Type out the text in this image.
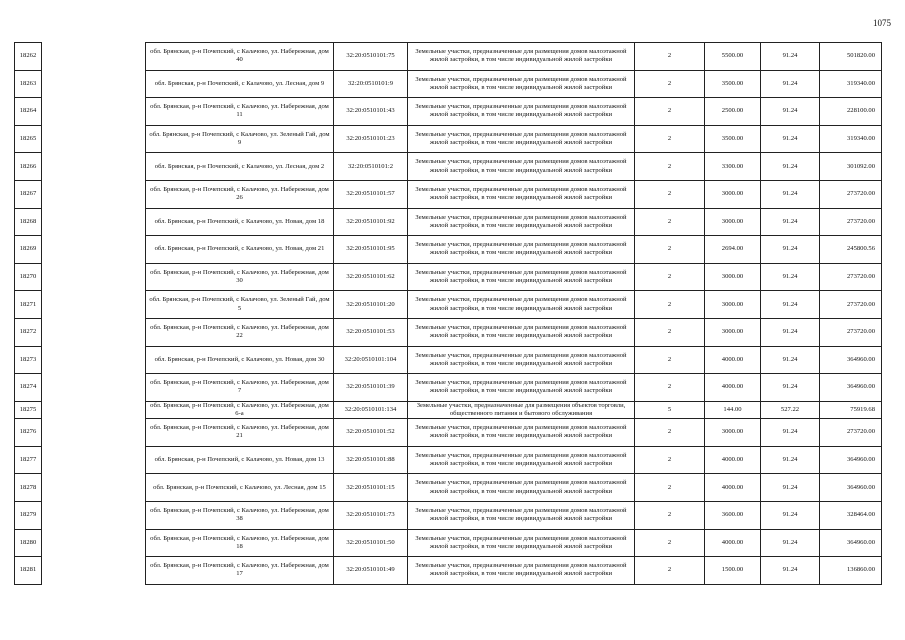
1075
18262		обл. Брянская, р-н Почепский, с Калачово, ул. Набережная, дом 40	32:20:0510101:75	Земельные участки, предназначенные для размещения домов малоэтажной жилой застройки, в том числе индивидуальной жилой застройки	2	5500.00	91.24	501820.00
18263		обл. Брянская, р-н Почепский, с Калачово, ул. Лесная, дом 9	32:20:0510101:9	Земельные участки, предназначенные для размещения домов малоэтажной жилой застройки, в том числе индивидуальной жилой застройки	2	3500.00	91.24	319340.00
18264		обл. Брянская, р-н Почепский, с Калачово, ул. Набережная, дом 11	32:20:0510101:43	Земельные участки, предназначенные для размещения домов малоэтажной жилой застройки, в том числе индивидуальной жилой застройки	2	2500.00	91.24	228100.00
18265		обл. Брянская, р-н Почепский, с Калачово, ул. Зеленый Гай, дом 9	32:20:0510101:23	Земельные участки, предназначенные для размещения домов малоэтажной жилой застройки, в том числе индивидуальной жилой застройки	2	3500.00	91.24	319340.00
18266		обл. Брянская, р-н Почепский, с Калачово, ул. Лесная, дом 2	32:20:0510101:2	Земельные участки, предназначенные для размещения домов малоэтажной жилой застройки, в том числе индивидуальной жилой застройки	2	3300.00	91.24	301092.00
18267		обл. Брянская, р-н Почепский, с Калачово, ул. Набережная, дом 26	32:20:0510101:57	Земельные участки, предназначенные для размещения домов малоэтажной жилой застройки, в том числе индивидуальной жилой застройки	2	3000.00	91.24	273720.00
18268		обл. Брянская, р-н Почепский, с Калачово, ул. Новая, дом 18	32:20:0510101:92	Земельные участки, предназначенные для размещения домов малоэтажной жилой застройки, в том числе индивидуальной жилой застройки	2	3000.00	91.24	273720.00
18269		обл. Брянская, р-н Почепский, с Калачово, ул. Новая, дом 21	32:20:0510101:95	Земельные участки, предназначенные для размещения домов малоэтажной жилой застройки, в том числе индивидуальной жилой застройки	2	2694.00	91.24	245800.56
18270		обл. Брянская, р-н Почепский, с Калачово, ул. Набережная, дом 30	32:20:0510101:62	Земельные участки, предназначенные для размещения домов малоэтажной жилой застройки, в том числе индивидуальной жилой застройки	2	3000.00	91.24	273720.00
18271		обл. Брянская, р-н Почепский, с Калачово, ул. Зеленый Гай, дом 5	32:20:0510101:20	Земельные участки, предназначенные для размещения домов малоэтажной жилой застройки, в том числе индивидуальной жилой застройки	2	3000.00	91.24	273720.00
18272		обл. Брянская, р-н Почепский, с Калачово, ул. Набережная, дом 22	32:20:0510101:53	Земельные участки, предназначенные для размещения домов малоэтажной жилой застройки, в том числе индивидуальной жилой застройки	2	3000.00	91.24	273720.00
18273		обл. Брянская, р-н Почепский, с Калачово, ул. Новая, дом 30	32:20:0510101:104	Земельные участки, предназначенные для размещения домов малоэтажной жилой застройки, в том числе индивидуальной жилой застройки	2	4000.00	91.24	364960.00
18274		обл. Брянская, р-н Почепский, с Калачово, ул. Набережная, дом 7	32:20:0510101:39	Земельные участки, предназначенные для размещения домов малоэтажной жилой застройки, в том числе индивидуальной жилой застройки	2	4000.00	91.24	364960.00
18275		обл. Брянская, р-н Почепский, с Калачово, ул. Набережная, дом 6-а	32:20:0510101:134	Земельные участки, предназначенные для размещения объектов торговли, общественного питания и бытового обслуживания	5	144.00	527.22	75919.68
18276		обл. Брянская, р-н Почепский, с Калачово, ул. Набережная, дом 21	32:20:0510101:52	Земельные участки, предназначенные для размещения домов малоэтажной жилой застройки, в том числе индивидуальной жилой застройки	2	3000.00	91.24	273720.00
18277		обл. Брянская, р-н Почепский, с Калачово, ул. Новая, дом 13	32:20:0510101:88	Земельные участки, предназначенные для размещения домов малоэтажной жилой застройки, в том числе индивидуальной жилой застройки	2	4000.00	91.24	364960.00
18278		обл. Брянская, р-н Почепский, с Калачово, ул. Лесная, дом 15	32:20:0510101:15	Земельные участки, предназначенные для размещения домов малоэтажной жилой застройки, в том числе индивидуальной жилой застройки	2	4000.00	91.24	364960.00
18279		обл. Брянская, р-н Почепский, с Калачово, ул. Набережная, дом 38	32:20:0510101:73	Земельные участки, предназначенные для размещения домов малоэтажной жилой застройки, в том числе индивидуальной жилой застройки	2	3600.00	91.24	328464.00
18280		обл. Брянская, р-н Почепский, с Калачово, ул. Набережная, дом 18	32:20:0510101:50	Земельные участки, предназначенные для размещения домов малоэтажной жилой застройки, в том числе индивидуальной жилой застройки	2	4000.00	91.24	364960.00
18281		обл. Брянская, р-н Почепский, с Калачово, ул. Набережная, дом 17	32:20:0510101:49	Земельные участки, предназначенные для размещения домов малоэтажной жилой застройки, в том числе индивидуальной жилой застройки	2	1500.00	91.24	136860.00
